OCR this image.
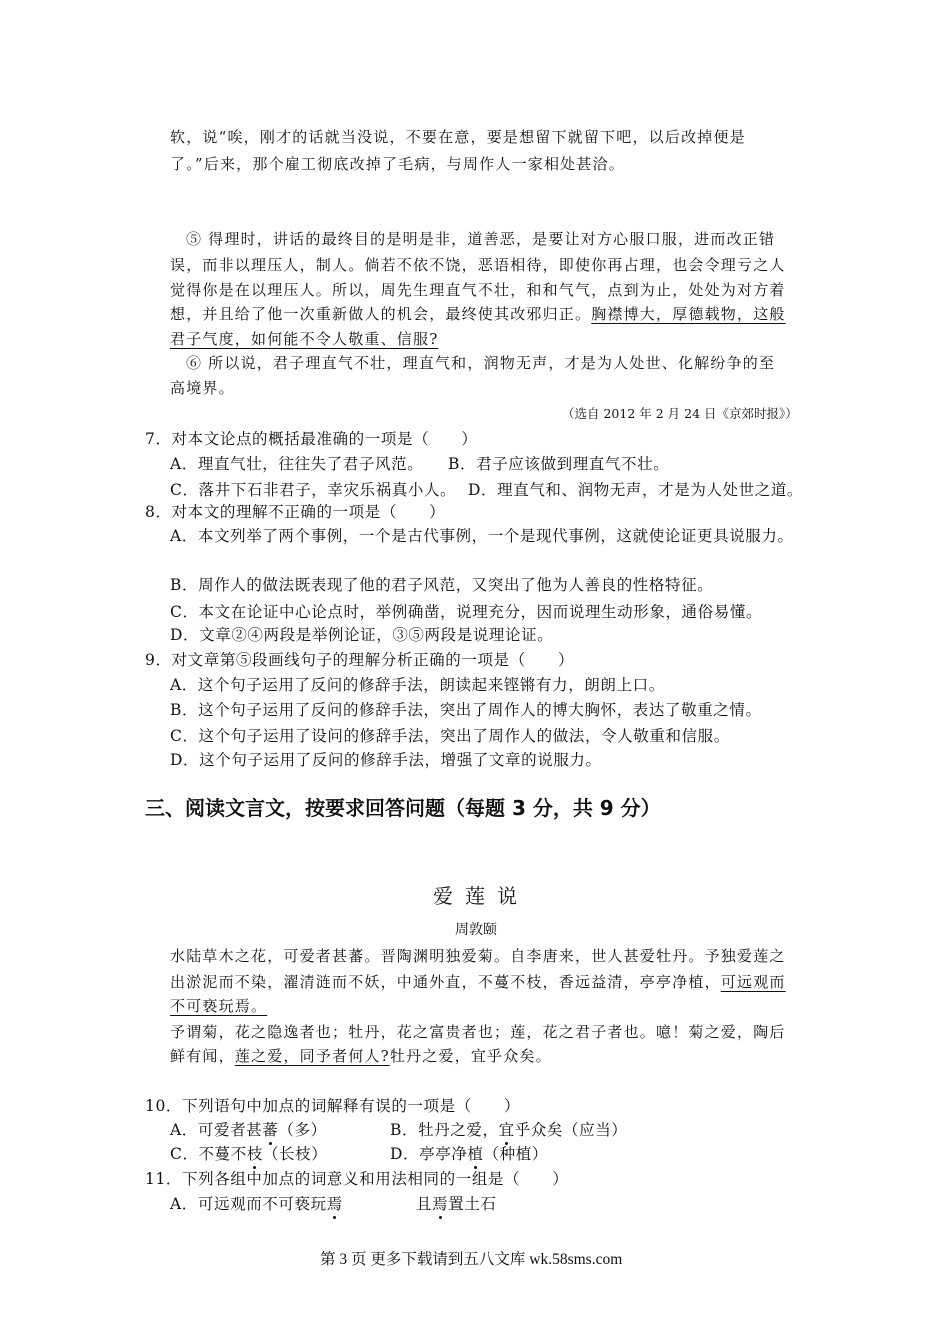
软，说“唉，刚才的话就当没说，不要在意，要是想留下就留下吧，以后改掉便是
了。”后来，那个雇工彻底改掉了毛病，与周作人一家相处甚洽。
⑤ 得理时，讲话的最终目的是明是非，道善恶，是要让对方心服口服，进而改正错
误，而非以理压人，制人。倘若不依不饶，恶语相待，即使你再占理，也会令理亏之人
觉得你是在以理压人。所以，周先生理直气不壮，和和气气，点到为止，处处为对方着
想，并且给了他一次重新做人的机会，最终使其改邪归正。胸襟博大，厚德载物，这般
君子气度，如何能不令人敬重、信服?
⑥ 所以说，君子理直气不壮，理直气和，润物无声，才是为人处世、化解纷争的至
高境界。
（选自 2012 年 2 月 24 日《京郊时报》）
7．对本文论点的概括最准确的一项是（　　）
A．理直气壮，往往失了君子风范。 B．君子应该做到理直气不壮。
C．落井下石非君子，幸灾乐祸真小人。 D．理直气和、润物无声，才是为人处世之道。
8．对本文的理解不正确的一项是（　　）
A．本文列举了两个事例，一个是古代事例，一个是现代事例，这就使论证更具说服力。
B．周作人的做法既表现了他的君子风范，又突出了他为人善良的性格特征。
C．本文在论证中心论点时，举例确凿，说理充分，因而说理生动形象，通俗易懂。
D．文章②④两段是举例论证，③⑤两段是说理论证。
9．对文章第⑤段画线句子的理解分析正确的一项是（　　）
A．这个句子运用了反问的修辞手法，朗读起来铿锵有力，朗朗上口。
B．这个句子运用了反问的修辞手法，突出了周作人的博大胸怀，表达了敬重之情。
C．这个句子运用了设问的修辞手法，突出了周作人的做法，令人敬重和信服。
D．这个句子运用了反问的修辞手法，增强了文章的说服力。
三、阅读文言文，按要求回答问题（每题 3 分，共 9 分）
爱莲说
周敦颐
水陆草木之花，可爱者甚蕃。晋陶渊明独爱菊。自李唐来，世人甚爱牡丹。予独爱莲之
出淤泥而不染，濯清涟而不妖，中通外直，不蔓不枝，香远益清，亭亭净植，可远观而
不可亵玩焉。
予谓菊，花之隐逸者也；牡丹，花之富贵者也；莲，花之君子者也。噫！菊之爱，陶后
鲜有闻，莲之爱，同予者何人?牡丹之爱，宜乎众矣。
10．下列语句中加点的词解释有误的一项是（　　）
A．可爱者甚蕃（多）	B．牡丹之爱，宜乎众矣（应当）
C．不蔓不枝（长枝）	D．亭亭净植（种植）
11．下列各组中加点的词意义和用法相同的一组是（　　）
A．可远观而不可亵玩焉	且焉置土石
第 3 页 更多下载请到五八文库 wk.58sms.com
